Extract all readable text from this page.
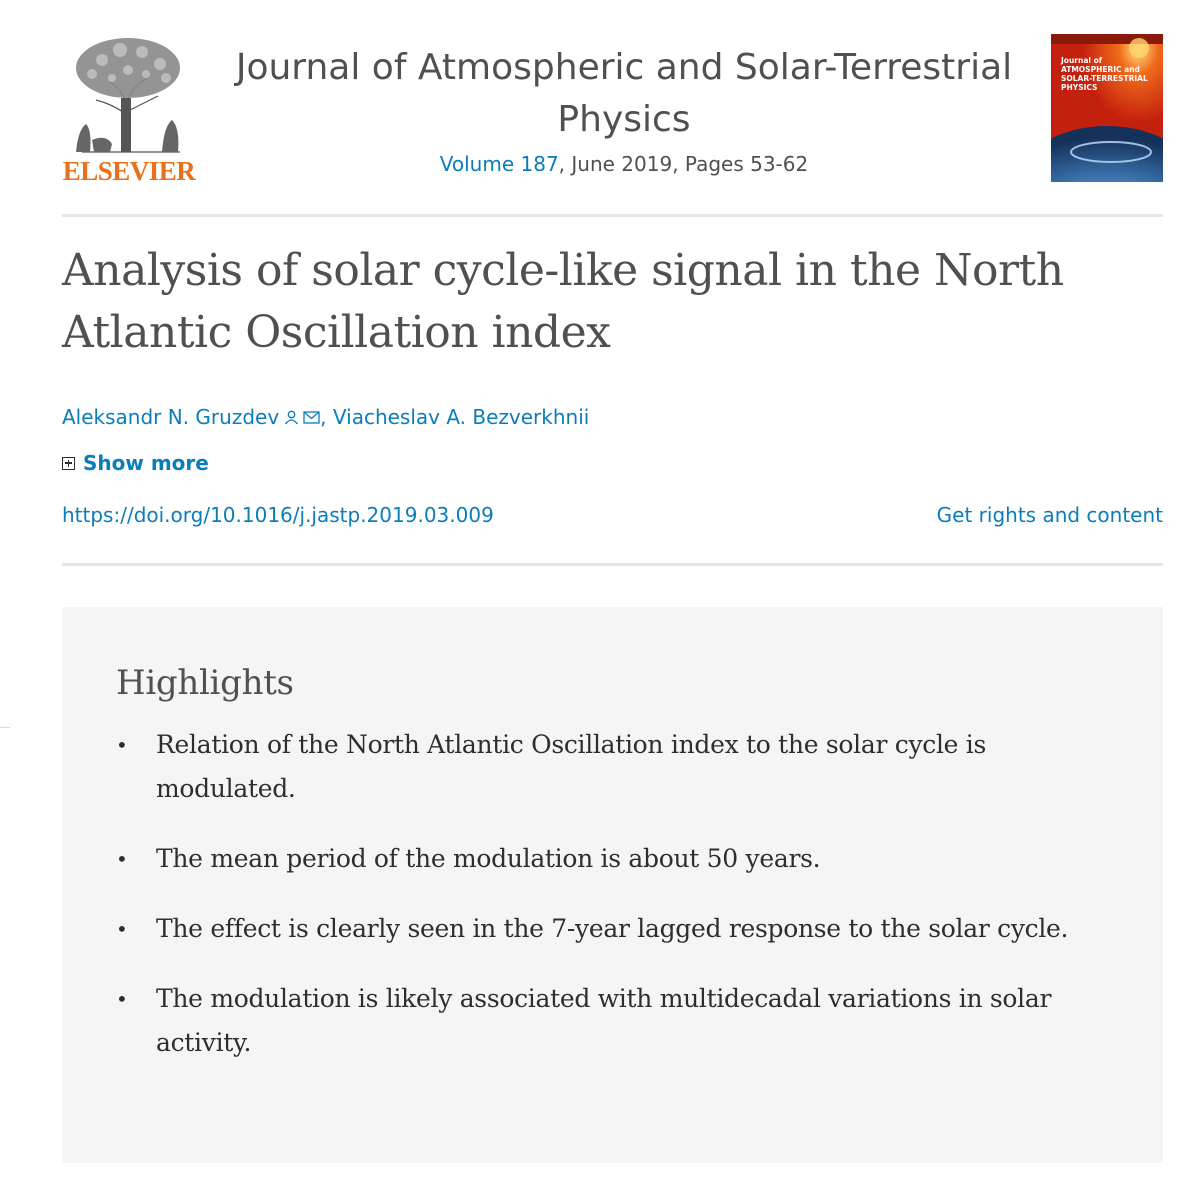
ELSEVIER
Journal of Atmospheric and Solar-Terrestrial Physics
Volume 187, June 2019, Pages 53-62
Journal of
ATMOSPHERIC and
SOLAR-TERRESTRIAL
PHYSICS
Analysis of solar cycle-like signal in the North Atlantic Oscillation index
Aleksandr N. Gruzdev , Viacheslav A. Bezverkhnii
Show more
https://doi.org/10.1016/j.jastp.2019.03.009	Get rights and content
Highlights
• Relation of the North Atlantic Oscillation index to the solar cycle is modulated.
• The mean period of the modulation is about 50 years.
• The effect is clearly seen in the 7-year lagged response to the solar cycle.
• The modulation is likely associated with multidecadal variations in solar activity.
